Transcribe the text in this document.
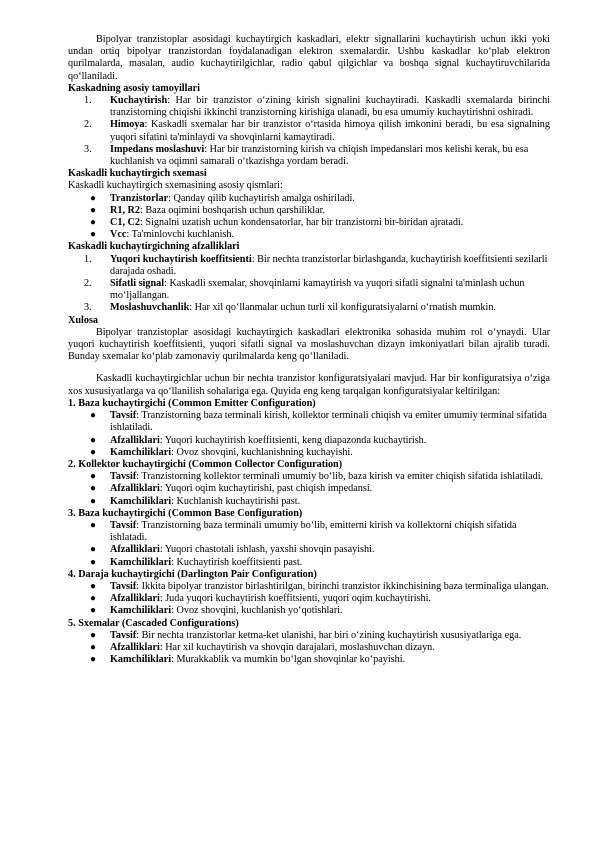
Bipolyar tranzistoplar asosidagi kuchaytirgich kaskadlari, elektr signallarini kuchaytirish uchun ikki yoki undan ortiq bipolyar tranzistordan foydalanadigan elektron sxemalardir. Ushbu kaskadlar ko‘plab elektron qurilmalarda, masalan, audio kuchaytirilgichlar, radio qabul qilgichlar va boshqa signal kuchaytiruvchilarida qo‘llaniladi.

Kaskadning asosiy tamoyillari
1.	Kuchaytirish: Har bir tranzistor o‘zining kirish signalini kuchaytiradi. Kaskadli sxemalarda birinchi tranzistorning chiqishi ikkinchi tranzistorning kirishiga ulanadi, bu esa umumiy kuchaytirishni oshiradi.

2.	Himoya: Kaskadli sxemalar har bir tranzistor o‘rtasida himoya qilish imkonini beradi, bu esa signalning yuqori sifatini ta'minlaydi va shovqinlarni kamaytiradi.

3.	Impedans moslashuvi: Har bir tranzistorning kirish va chiqish impedanslari mos kelishi kerak, bu esa kuchlanish va oqimni samarali o‘tkazishga yordam beradi.

Kaskadli kuchaytirgich sxemasi

Kaskadli kuchaytirgich sxemasining asosiy qismlari:

●	Tranzistorlar: Qanday qilib kuchaytirish amalga oshiriladi.

●	R1, R2: Baza oqimini boshqarish uchun qarshiliklar.

●	C1, C2: Signalni uzatish uchun kondensatorlar, har bir tranzistorni bir-biridan ajratadi.

●	Vcc: Ta'minlovchi kuchlanish.

Kaskadli kuchaytirgichning afzalliklari
1.	Yuqori kuchaytirish koeffitsienti: Bir nechta tranzistorlar birlashganda, kuchaytirish koeffitsienti sezilarli darajada oshadi.

2.	Sifatli signal: Kaskadli sxemalar, shovqinlarni kamaytirish va yuqori sifatli signalni ta'minlash uchun mo‘ljallangan.

3.	Moslashuvchanlik: Har xil qo‘llanmalar uchun turli xil konfiguratsiyalarni o‘rnatish mumkin.

Xulosa

Bipolyar tranzistoplar asosidagi kuchaytirgich kaskadlari elektronika sohasida muhim rol o‘ynaydi. Ular yuqori kuchaytirish koeffitsienti, yuqori sifatli signal va moslashuvchan dizayn imkoniyatlari bilan ajralib turadi. Bunday sxemalar ko‘plab zamonaviy qurilmalarda keng qo‘llaniladi.

Kaskadli kuchaytirgichlar uchun bir nechta tranzistor konfiguratsiyalari mavjud. Har bir konfiguratsiya o‘ziga xos xususiyatlarga va qo‘llanilish sohalariga ega. Quyida eng keng tarqalgan konfiguratsiyalar keltirilgan:

1. Baza kuchaytirgichi (Common Emitter Configuration)
●	Tavsif: Tranzistorning baza terminali kirish, kollektor terminali chiqish va emiter umumiy terminal sifatida ishlatiladi.

●	Afzalliklari: Yuqori kuchaytirish koeffitsienti, keng diapazonda kuchaytirish.

●	Kamchiliklari: Ovoz shovqini, kuchlanishning kuchayishi.

2. Kollektor kuchaytirgichi (Common Collector Configuration)
●	Tavsif: Tranzistorning kollektor terminali umumiy bo‘lib, baza kirish va emiter chiqish sifatida ishlatiladi.

●	Afzalliklari: Yuqori oqim kuchaytirishi, past chiqish impedansi.

●	Kamchiliklari: Kuchlanish kuchaytirishi past.

3. Baza kuchaytirgichi (Common Base Configuration)
●	Tavsif: Tranzistorning baza terminali umumiy bo‘lib, emitterni kirish va kollektorni chiqish sifatida ishlatadi.

●	Afzalliklari: Yuqori chastotali ishlash, yaxshi shovqin pasayishi.

●	Kamchiliklari: Kuchaytirish koeffitsienti past.

4. Daraja kuchaytirgichi (Darlington Pair Configuration)
●	Tavsif: Ikkita bipolyar tranzistor birlashtirilgan, birinchi tranzistor ikkinchisining baza terminaliga ulangan.

●	Afzalliklari: Juda yuqori kuchaytirish koeffitsienti, yuqori oqim kuchaytirishi.

●	Kamchiliklari: Ovoz shovqini, kuchlanish yo‘qotishlari.

5. Sxemalar (Cascaded Configurations)
●	Tavsif: Bir nechta tranzistorlar ketma-ket ulanishi, har biri o‘zining kuchaytirish xususiyatlariga ega.

●	Afzalliklari: Har xil kuchaytirish va shovqin darajalari, moslashuvchan dizayn.

●	Kamchiliklari: Murakkablik va mumkin bo‘lgan shovqinlar ko‘payishi.
